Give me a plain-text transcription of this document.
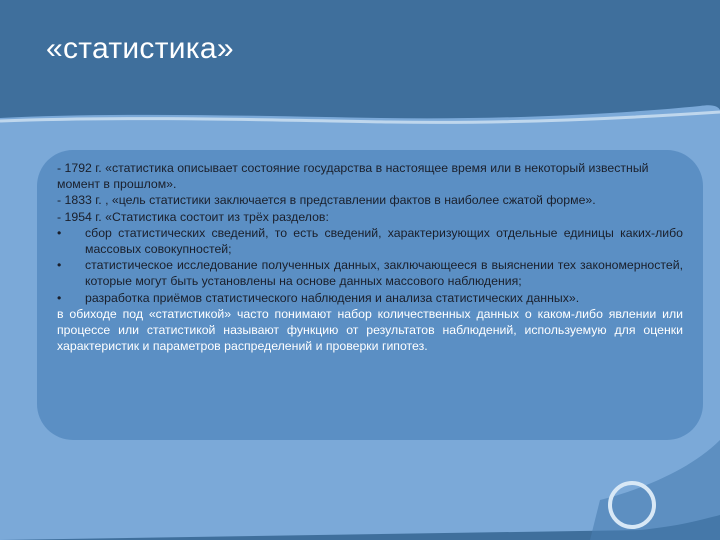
«статистика»

- 1792 г. «статистика описывает состояние государства в настоящее время или в некоторый известный момент в прошлом».

- 1833 г. , «цель статистики заключается в представлении фактов в наиболее сжатой форме».

- 1954 г. «Статистика состоит из трёх разделов:

• сбор статистических сведений, то есть сведений, характеризующих отдельные единицы каких-либо массовых совокупностей;

• статистическое исследование полученных данных, заключающееся в выяснении тех закономерностей, которые могут быть установлены на основе данных массового наблюдения;

• разработка приёмов статистического наблюдения и анализа статистических данных».

в обиходе под «статистикой» часто понимают набор количественных данных о каком-либо явлении или процессе или статистикой называют функцию от результатов наблюдений, используемую для оценки характеристик и параметров распределений и проверки гипотез.
